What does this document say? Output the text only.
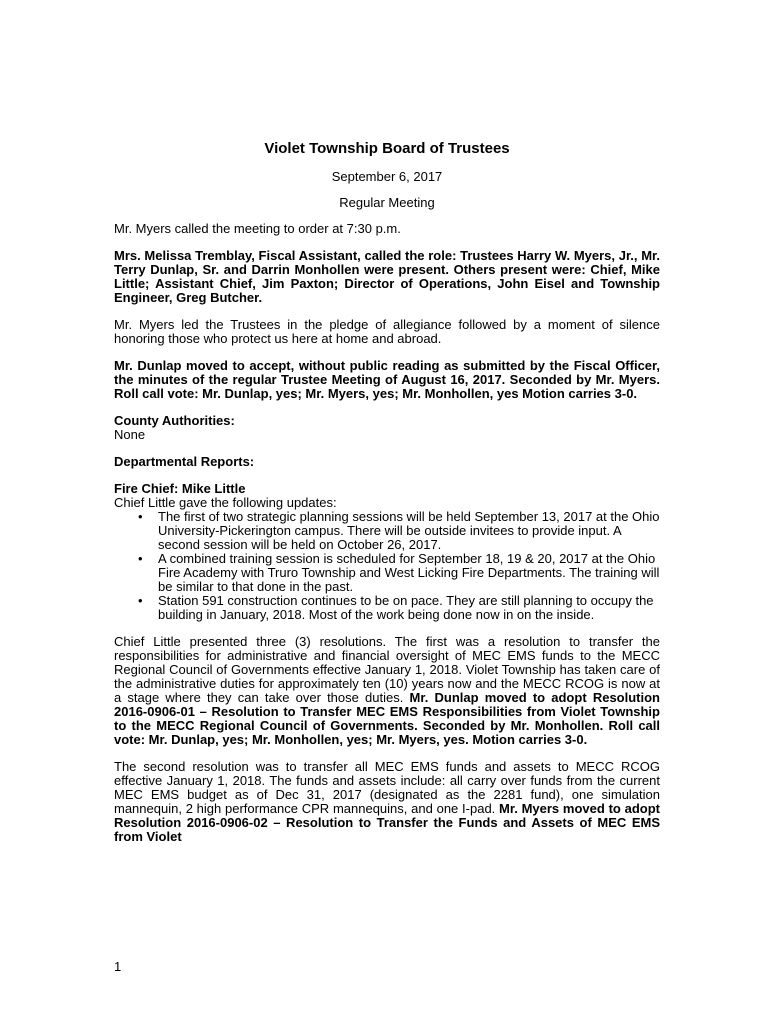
Violet Township Board of Trustees
September 6, 2017
Regular Meeting

Mr. Myers called the meeting to order at 7:30 p.m.

Mrs. Melissa Tremblay, Fiscal Assistant, called the role: Trustees Harry W. Myers, Jr., Mr. Terry Dunlap, Sr. and Darrin Monhollen were present. Others present were: Chief, Mike Little; Assistant Chief, Jim Paxton; Director of Operations, John Eisel and Township Engineer, Greg Butcher.

Mr. Myers led the Trustees in the pledge of allegiance followed by a moment of silence honoring those who protect us here at home and abroad.

Mr. Dunlap moved to accept, without public reading as submitted by the Fiscal Officer, the minutes of the regular Trustee Meeting of August 16, 2017. Seconded by Mr. Myers. Roll call vote: Mr. Dunlap, yes; Mr. Myers, yes; Mr. Monhollen, yes Motion carries 3-0.

County Authorities:
None
Departmental Reports:
Fire Chief: Mike Little
Chief Little gave the following updates:
• The first of two strategic planning sessions will be held September 13, 2017 at the Ohio University-Pickerington campus. There will be outside invitees to provide input. A second session will be held on October 26, 2017.
• A combined training session is scheduled for September 18, 19 & 20, 2017 at the Ohio Fire Academy with Truro Township and West Licking Fire Departments. The training will be similar to that done in the past.
• Station 591 construction continues to be on pace. They are still planning to occupy the building in January, 2018. Most of the work being done now in on the inside.

Chief Little presented three (3) resolutions. The first was a resolution to transfer the responsibilities for administrative and financial oversight of MEC EMS funds to the MECC Regional Council of Governments effective January 1, 2018. Violet Township has taken care of the administrative duties for approximately ten (10) years now and the MECC RCOG is now at a stage where they can take over those duties. Mr. Dunlap moved to adopt Resolution 2016-0906-01 – Resolution to Transfer MEC EMS Responsibilities from Violet Township to the MECC Regional Council of Governments. Seconded by Mr. Monhollen. Roll call vote: Mr. Dunlap, yes; Mr. Monhollen, yes; Mr. Myers, yes. Motion carries 3-0.

The second resolution was to transfer all MEC EMS funds and assets to MECC RCOG effective January 1, 2018. The funds and assets include: all carry over funds from the current MEC EMS budget as of Dec 31, 2017 (designated as the 2281 fund), one simulation mannequin, 2 high performance CPR mannequins, and one I-pad. Mr. Myers moved to adopt Resolution 2016-0906-02 – Resolution to Transfer the Funds and Assets of MEC EMS from Violet

1
